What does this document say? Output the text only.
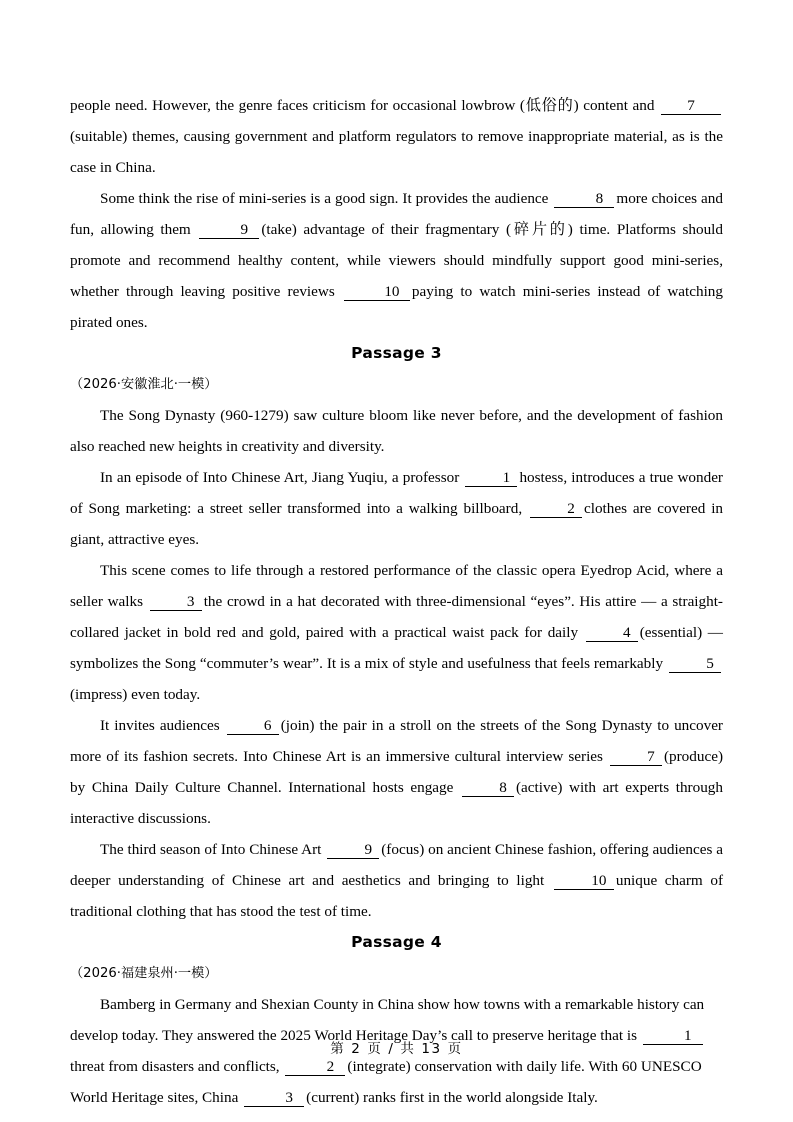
people need. However, the genre faces criticism for occasional lowbrow (低俗的) content and 7(suitable) themes, causing government and platform regulators to remove inappropriate material, as is the case in China.

Some think the rise of mini-series is a good sign. It provides the audience	8 more choices and fun, allowing them	9 (take) advantage of their fragmentary (碎片的) time. Platforms should promote and recommend healthy content, while viewers should mindfully support good mini-series, whether through leaving positive reviews	10 paying to watch mini-series instead of watching pirated ones.

Passage 3

（2026·安徽淮北·一模）

The Song Dynasty (960-1279) saw culture bloom like never before, and the development of fashion also reached new heights in creativity and diversity.

In an episode of Into Chinese Art, Jiang Yuqiu, a professor	1 hostess, introduces a true wonder of Song marketing: a street seller transformed into a walking billboard,	2 clothes are covered in giant, attractive eyes.

This scene comes to life through a restored performance of the classic opera Eyedrop Acid, where a seller walks	3 the crowd in a hat decorated with three-dimensional “eyes”. His attire — a straight-collared jacket in bold red and gold, paired with a practical waist pack for daily	4 (essential) — symbolizes the Song “commuter’s wear”. It is a mix of style and usefulness that feels remarkably	5(impress) even today.

It invites audiences	6 (join) the pair in a stroll on the streets of the Song Dynasty to uncover more of its fashion secrets. Into Chinese Art is an immersive cultural interview series	7 (produce) by China Daily Culture Channel. International hosts engage	8 (active) with art experts through interactive discussions.

The third season of Into Chinese Art	9 (focus) on ancient Chinese fashion, offering audiences a deeper understanding of Chinese art and aesthetics and bringing to light	10 unique charm of traditional clothing that has stood the test of time.

Passage 4

（2026·福建泉州·一模）

Bamberg in Germany and Shexian County in China show how towns with a remarkable history can develop today. They answered the 2025 World Heritage Day’s call to preserve heritage that is	1threat from disasters and conflicts,	2 (integrate) conservation with daily life. With 60 UNESCO World Heritage sites, China	3 (current) ranks first in the world alongside Italy.

第 2 页 / 共 13 页
